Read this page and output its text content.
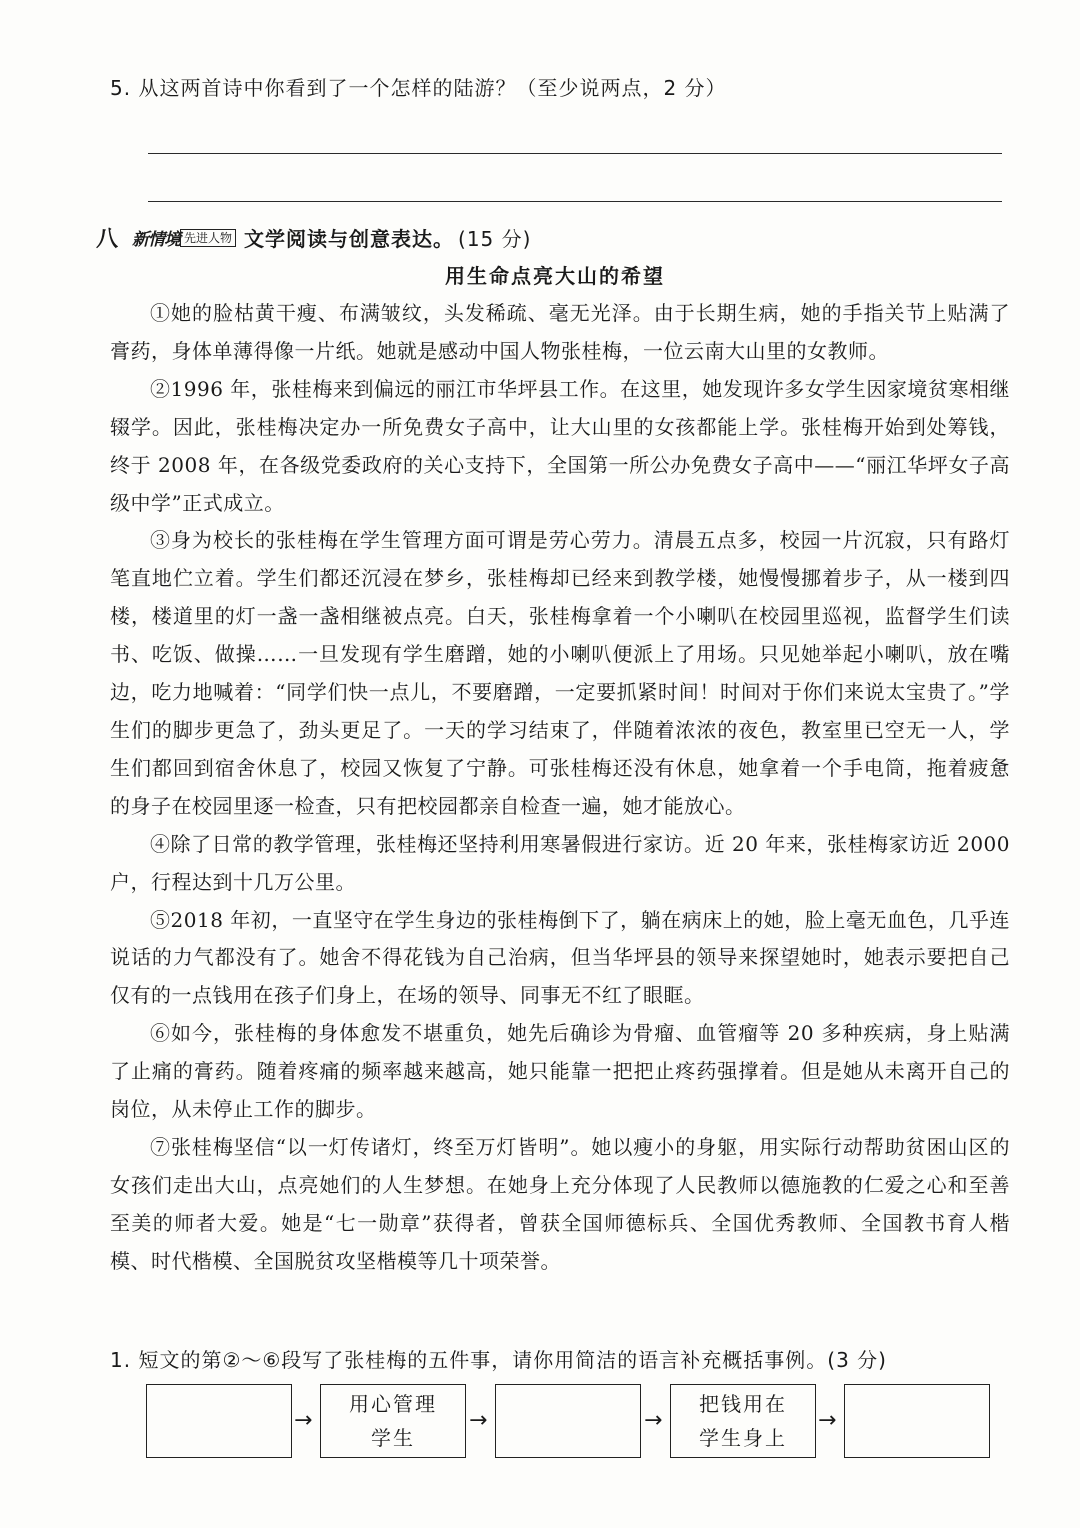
5. 从这两首诗中你看到了一个怎样的陆游？（至少说两点，2 分）
八 新情境 先进人物 文学阅读与创意表达。 (15 分)
用生命点亮大山的希望

①她的脸枯黄干瘦、布满皱纹，头发稀疏、毫无光泽。由于长期生病，她的手指关节上贴满了膏药，身体单薄得像一片纸。她就是感动中国人物张桂梅，一位云南大山里的女教师。

②1996 年，张桂梅来到偏远的丽江市华坪县工作。在这里，她发现许多女学生因家境贫寒相继辍学。因此，张桂梅决定办一所免费女子高中，让大山里的女孩都能上学。张桂梅开始到处筹钱，终于 2008 年，在各级党委政府的关心支持下，全国第一所公办免费女子高中——“丽江华坪女子高级中学”正式成立。

③身为校长的张桂梅在学生管理方面可谓是劳心劳力。清晨五点多，校园一片沉寂，只有路灯笔直地伫立着。学生们都还沉浸在梦乡，张桂梅却已经来到教学楼，她慢慢挪着步子，从一楼到四楼，楼道里的灯一盏一盏相继被点亮。白天，张桂梅拿着一个小喇叭在校园里巡视，监督学生们读书、吃饭、做操……一旦发现有学生磨蹭，她的小喇叭便派上了用场。只见她举起小喇叭，放在嘴边，吃力地喊着：“同学们快一点儿，不要磨蹭，一定要抓紧时间！时间对于你们来说太宝贵了。”学生们的脚步更急了，劲头更足了。一天的学习结束了，伴随着浓浓的夜色，教室里已空无一人，学生们都回到宿舍休息了，校园又恢复了宁静。可张桂梅还没有休息，她拿着一个手电筒，拖着疲惫的身子在校园里逐一检查，只有把校园都亲自检查一遍，她才能放心。

④除了日常的教学管理，张桂梅还坚持利用寒暑假进行家访。近 20 年来，张桂梅家访近 2000 户，行程达到十几万公里。

⑤2018 年初，一直坚守在学生身边的张桂梅倒下了，躺在病床上的她，脸上毫无血色，几乎连说话的力气都没有了。她舍不得花钱为自己治病，但当华坪县的领导来探望她时，她表示要把自己仅有的一点钱用在孩子们身上，在场的领导、同事无不红了眼眶。

⑥如今，张桂梅的身体愈发不堪重负，她先后确诊为骨瘤、血管瘤等 20 多种疾病，身上贴满了止痛的膏药。随着疼痛的频率越来越高，她只能靠一把把止疼药强撑着。但是她从未离开自己的岗位，从未停止工作的脚步。

⑦张桂梅坚信“以一灯传诸灯，终至万灯皆明”。她以瘦小的身躯，用实际行动帮助贫困山区的女孩们走出大山，点亮她们的人生梦想。在她身上充分体现了人民教师以德施教的仁爱之心和至善至美的师者大爱。她是“七一勋章”获得者，曾获全国师德标兵、全国优秀教师、全国教书育人楷模、时代楷模、全国脱贫攻坚楷模等几十项荣誉。

1. 短文的第②～⑥段写了张桂梅的五件事，请你用简洁的语言补充概括事例。(3 分)
→
用心管理学生
→	→
把钱用在学生身上
→
